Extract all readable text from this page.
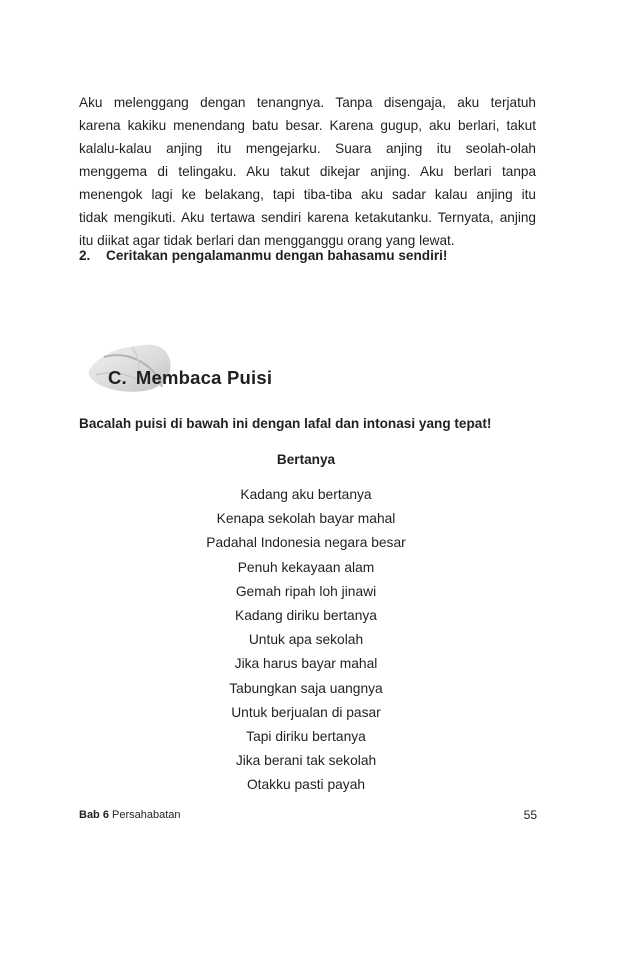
Aku melenggang dengan tenangnya. Tanpa disengaja, aku terjatuh
karena kakiku menendang batu besar. Karena gugup, aku berlari, takut
kalalu-kalau anjing itu mengejarku. Suara anjing itu seolah-olah
menggema di telingaku. Aku takut dikejar anjing. Aku berlari tanpa
menengok lagi ke belakang, tapi tiba-tiba aku sadar kalau anjing itu
tidak mengikuti. Aku tertawa sendiri karena ketakutanku. Ternyata, anjing
itu diikat agar tidak berlari dan mengganggu orang yang lewat.

2. Ceritakan pengalamanmu dengan bahasamu sendiri!

C. Membaca Puisi

Bacalah puisi di bawah ini dengan lafal dan intonasi yang tepat!

Bertanya

Kadang aku bertanya
Kenapa sekolah bayar mahal
Padahal Indonesia negara besar
Penuh kekayaan alam
Gemah ripah loh jinawi
Kadang diriku bertanya
Untuk apa sekolah
Jika harus bayar mahal
Tabungkan saja uangnya
Untuk berjualan di pasar
Tapi diriku bertanya
Jika berani tak sekolah
Otakku pasti payah

Bab 6 Persahabatan	55
